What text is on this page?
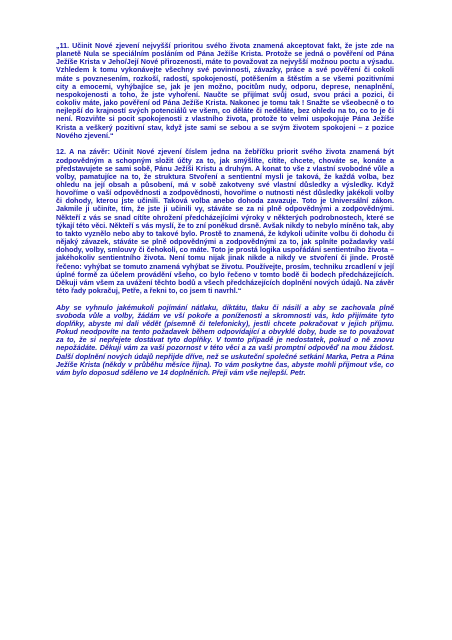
„11. Učinit Nové zjevení nejvyšší prioritou svého života znamená akceptovat fakt, že jste zde na planetě Nula se speciálním posláním od Pána Ježíše Krista. Protože se jedná o pověření od Pána Ježíše Krista v Jeho/Její Nové přirozenosti, máte to považovat za nejvyšší možnou poctu a výsadu. Vzhledem k tomu vykonávejte všechny své povinnosti, závazky, práce a své pověření či cokoli máte s povznesením, rozkoší, radostí, spokojeností, potěšením a štěstím a se všemi pozitivními city a emocemi, vyhýbajíce se, jak je jen možno, pocitům nudy, odporu, deprese, nenaplnění, nespokojenosti a toho, že jste vyhoření. Naučte se přijímat svůj osud, svou práci a pozici, či cokoliv máte, jako pověření od Pána Ježíše Krista. Nakonec je tomu tak ! Snažte se všeobecně o to nejlepší do krajností svých potenciálů ve všem, co děláte či neděláte, bez ohledu na to, co to je či není. Rozviňte si pocit spokojenosti z vlastního života, protože to velmi uspokojuje Pána Ježíše Krista a veškerý pozitivní stav, když jste sami se sebou a se svým životem spokojeni – z pozice Nového zjevení.“

12. A na závěr: Učinit Nové zjevení číslem jedna na žebříčku priorit svého života znamená být zodpovědným a schopným složit účty za to, jak smýšlíte, cítíte, chcete, chováte se, konáte a představujete se sami sobě, Pánu Ježíši Kristu a druhým. A konat to vše z vlastní svobodné vůle a volby, pamatujíce na to, že struktura Stvoření a sentientní mysli je taková, že každá volba, bez ohledu na její obsah a působení, má v sobě zakotveny své vlastní důsledky a výsledky. Když hovoříme o vaší odpovědnosti a zodpovědnosti, hovoříme o nutnosti nést důsledky jakékoli volby či dohody, kterou jste učinili. Taková volba anebo dohoda zavazuje. Toto je Universální zákon. Jakmile ji učiníte, tím, že jste ji učinili vy, stáváte se za ni plně odpovědnými a zodpovědnými. Někteří z vás se snad cítíte ohrožení předcházejícími výroky v některých podrobnostech, které se týkají této věci. Někteří s vás myslí, že to zní poněkud drsně. Avšak nikdy to nebylo míněno tak, aby to takto vyznělo nebo aby to takové bylo. Prostě to znamená, že kdykoli učiníte volbu či dohodu či nějaký závazek, stáváte se plně odpovědnými a zodpovědnými za to, jak splníte požadavky vaší dohody, volby, smlouvy či čehokoli, co máte. Toto je prostá logika uspořádání sentientního života – jakéhokoliv sentientního života. Není tomu nijak jinak nikde a nikdy ve stvoření či jinde. Prostě řečeno: vyhýbat se tomuto znamená vyhýbat se životu. Používejte, prosím, techniku zrcadlení v její úplné formě za účelem provádění všeho, co bylo řečeno v tomto bodě či bodech předcházejících. Děkuji vám všem za uvážení těchto bodů a všech předcházejících doplnění nových údajů. Na závěr této řady pokračuj, Petře, a řekni to, co jsem ti navrhl.“

Aby se vyhnulo jakémukoli pojímání nátlaku, diktátu, tlaku či násilí a aby se zachovala plně svoboda vůle a volby, žádám ve vší pokoře a poníženosti a skromnosti vás, kdo přijímáte tyto doplňky, abyste mi dali vědět (písemně či telefonicky), jestli chcete pokračovat v jejich příjmu. Pokud neodpovíte na tento požadavek během odpovídající a obvyklé doby, bude se to považovat za to, že si nepřejete dostávat tyto doplňky. V tomto případě je nedostatek, pokud o ně znovu nepožádáte. Děkuji vám za vaši pozornost v této věci a za vaši promptní odpověď na mou žádost. Další doplnění nových údajů nepřijde dříve, než se uskuteční společné setkání Marka, Petra a Pána Ježíše Krista (někdy v průběhu měsíce října). To vám poskytne čas, abyste mohli přijmout vše, co vám bylo doposud sděleno ve 14 doplněních. Přeji vám vše nejlepší. Petr.
